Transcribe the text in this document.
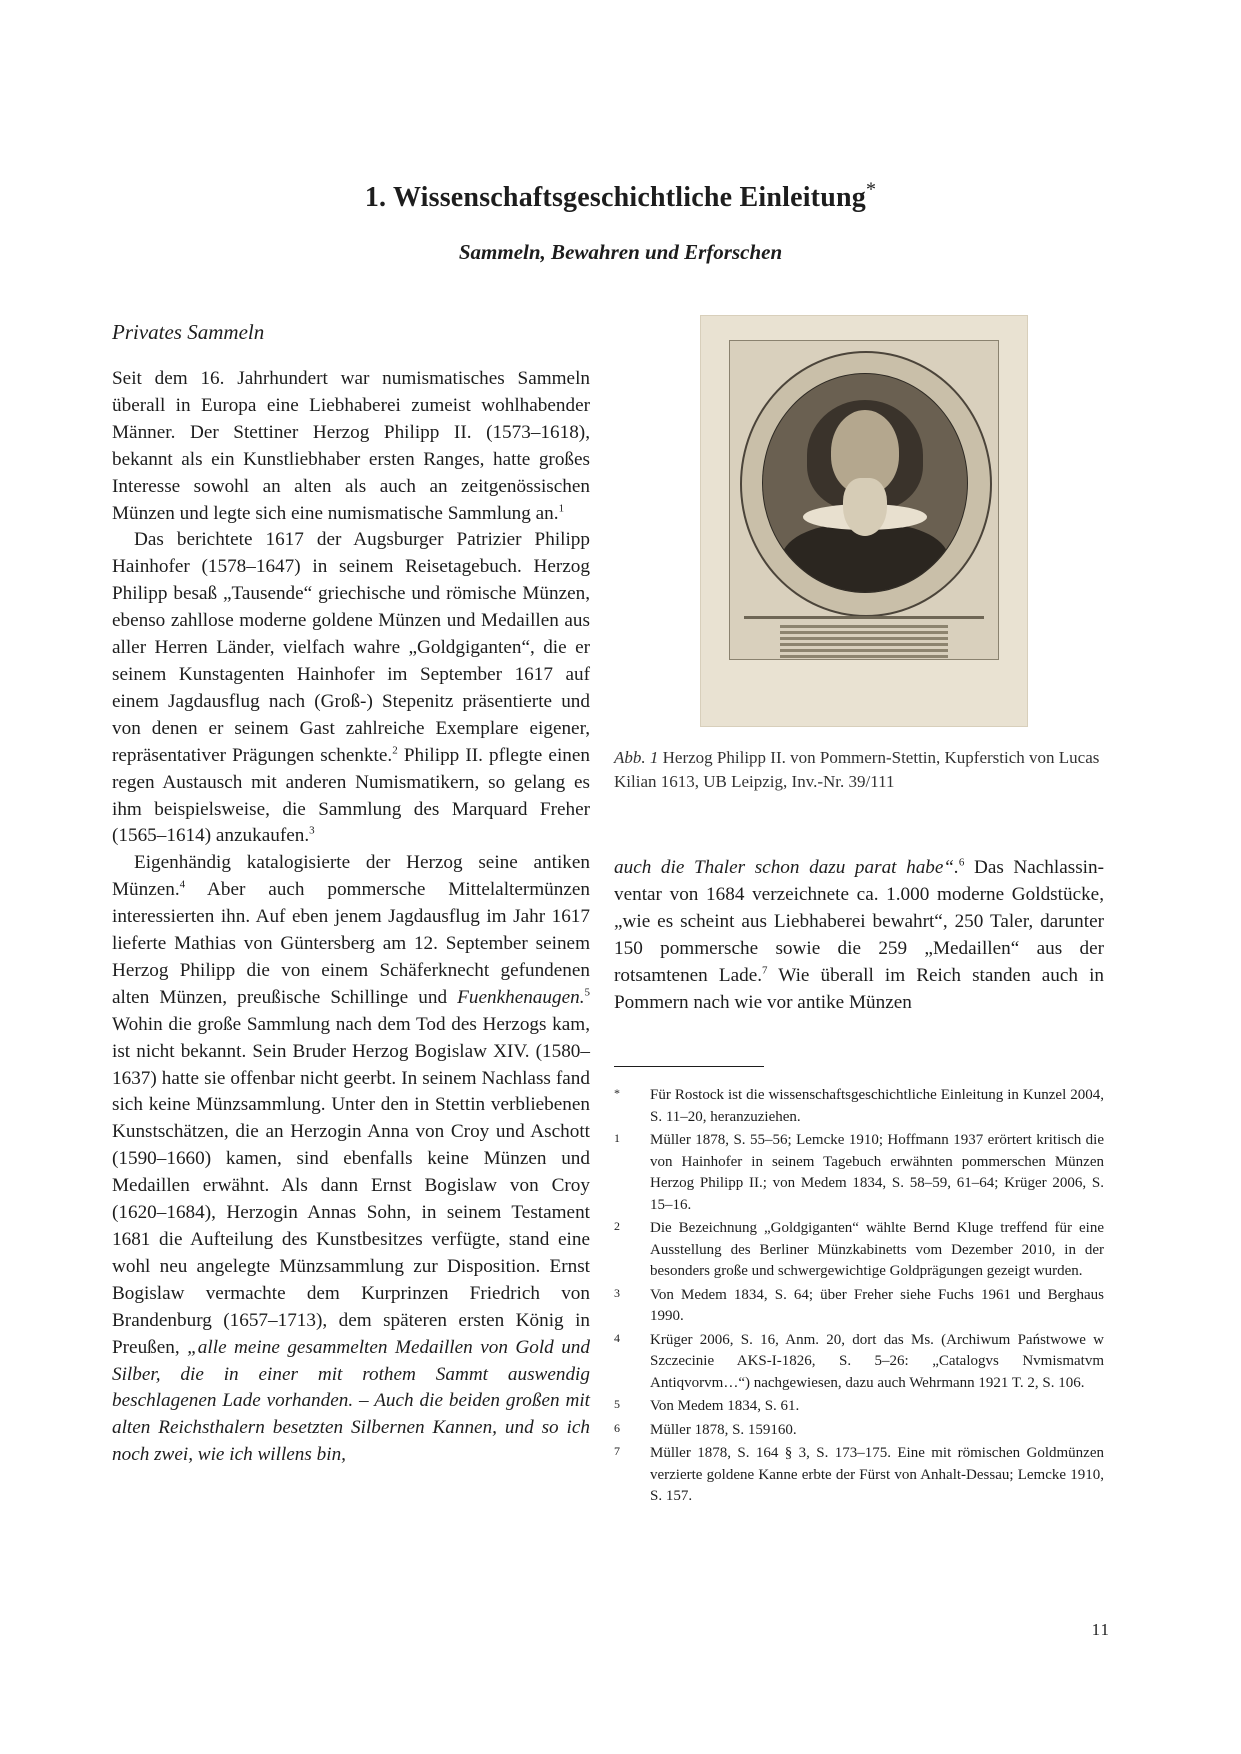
1. Wissenschaftsgeschichtliche Einleitung*
Sammeln, Bewahren und Erforschen
Privates Sammeln

Seit dem 16. Jahrhundert war numismatisches Sammeln überall in Europa eine Liebhaberei zumeist wohlhabender Männer. Der Stettiner Herzog Philipp II. (1573–1618), bekannt als ein Kunstliebhaber ersten Ranges, hatte großes Interesse sowohl an alten als auch an zeitgenössischen Münzen und legte sich eine numismatische Sammlung an.$^1$

Das berichtete 1617 der Augsburger Patrizier Philipp Hainhofer (1578–1647) in seinem Reisetagebuch. Herzog Philipp besaß „Tausende“ griechische und römische Münzen, ebenso zahllose moderne goldene Münzen und Medaillen aus aller Herren Länder, vielfach wahre „Goldgiganten“, die er seinem Kunstagenten Hainhofer im September 1617 auf einem Jagdausflug nach (Groß-) Stepenitz präsentierte und von denen er seinem Gast zahlreiche Exemplare eigener, repräsentativer Prägungen schenkte.$^2$ Philipp II. pflegte einen regen Austausch mit anderen Numismatikern, so gelang es ihm beispielsweise, die Sammlung des Marquard Freher (1565–1614) anzukaufen.$^3$

Eigenhändig katalogisierte der Herzog seine antiken Münzen.$^4$ Aber auch pommersche Mittelaltermünzen interessierten ihn. Auf eben jenem Jagdausflug im Jahr 1617 lieferte Mathias von Güntersberg am 12. September seinem Herzog Philipp die von einem Schäferknecht gefundenen alten Münzen, preußische Schillinge und Fuenkhenaugen.$^5$ Wohin die große Sammlung nach dem Tod des Herzogs kam, ist nicht bekannt. Sein Bruder Herzog Bogislaw XIV. (1580–1637) hatte sie offenbar nicht geerbt. In seinem Nachlass fand sich keine Münzsammlung. Unter den in Stettin verbliebenen Kunstschätzen, die an Herzogin Anna von Croy und Aschott (1590–1660) kamen, sind ebenfalls keine Münzen und Medaillen erwähnt. Als dann Ernst Bogislaw von Croy (1620–1684), Herzogin Annas Sohn, in seinem Testament 1681 die Aufteilung des Kunstbesitzes verfügte, stand eine wohl neu angelegte Münzsammlung zur Disposition. Ernst Bogislaw vermachte dem Kurprinzen Friedrich von Brandenburg (1657–1713), dem späteren ersten König in Preußen, „alle meine gesammelten Medaillen von Gold und Silber, die in einer mit rothem Sammt auswendig beschlagenen Lade vorhanden. – Auch die beiden großen mit alten Reichsthalern besetzten Silbernen Kannen, und so ich noch zwei, wie ich willens bin,

Abb. 1 Herzog Philipp II. von Pommern-Stettin, Kupferstich von Lucas Kilian 1613, UB Leipzig, Inv.-Nr. 39/111

auch die Thaler schon dazu parat habe“.$^6$ Das Nachlassinventar von 1684 verzeichnete ca. 1.000 moderne Goldstücke, „wie es scheint aus Liebhaberei bewahrt“, 250 Taler, darunter 150 pommersche sowie die 259 „Medaillen“ aus der rotsamtenen Lade.$^7$ Wie überall im Reich standen auch in Pommern nach wie vor antike Münzen

*	Für Rostock ist die wissenschaftsgeschichtliche Einleitung in Kunzel 2004, S. 11–20, heranzuziehen.
1	Müller 1878, S. 55–56; Lemcke 1910; Hoffmann 1937 erörtert kritisch die von Hainhofer in seinem Tagebuch erwähnten pommerschen Münzen Herzog Philipp II.; von Medem 1834, S. 58–59, 61–64; Krüger 2006, S. 15–16.
2	Die Bezeichnung „Goldgiganten“ wählte Bernd Kluge treffend für eine Ausstellung des Berliner Münzkabinetts vom Dezember 2010, in der besonders große und schwergewichtige Goldprägungen gezeigt wurden.
3	Von Medem 1834, S. 64; über Freher siehe Fuchs 1961 und Berghaus 1990.
4	Krüger 2006, S. 16, Anm. 20, dort das Ms. (Archiwum Państwowe w Szczecinie AKS-I-1826, S. 5–26: „Catalogvs Nvmismatvm Antiqvorvm…“) nachgewiesen, dazu auch Wehrmann 1921 T. 2, S. 106.
5	Von Medem 1834, S. 61.
6	Müller 1878, S. 159160.
7	Müller 1878, S. 164 § 3, S. 173–175. Eine mit römischen Goldmünzen verzierte goldene Kanne erbte der Fürst von Anhalt-Dessau; Lemcke 1910, S. 157.
11
